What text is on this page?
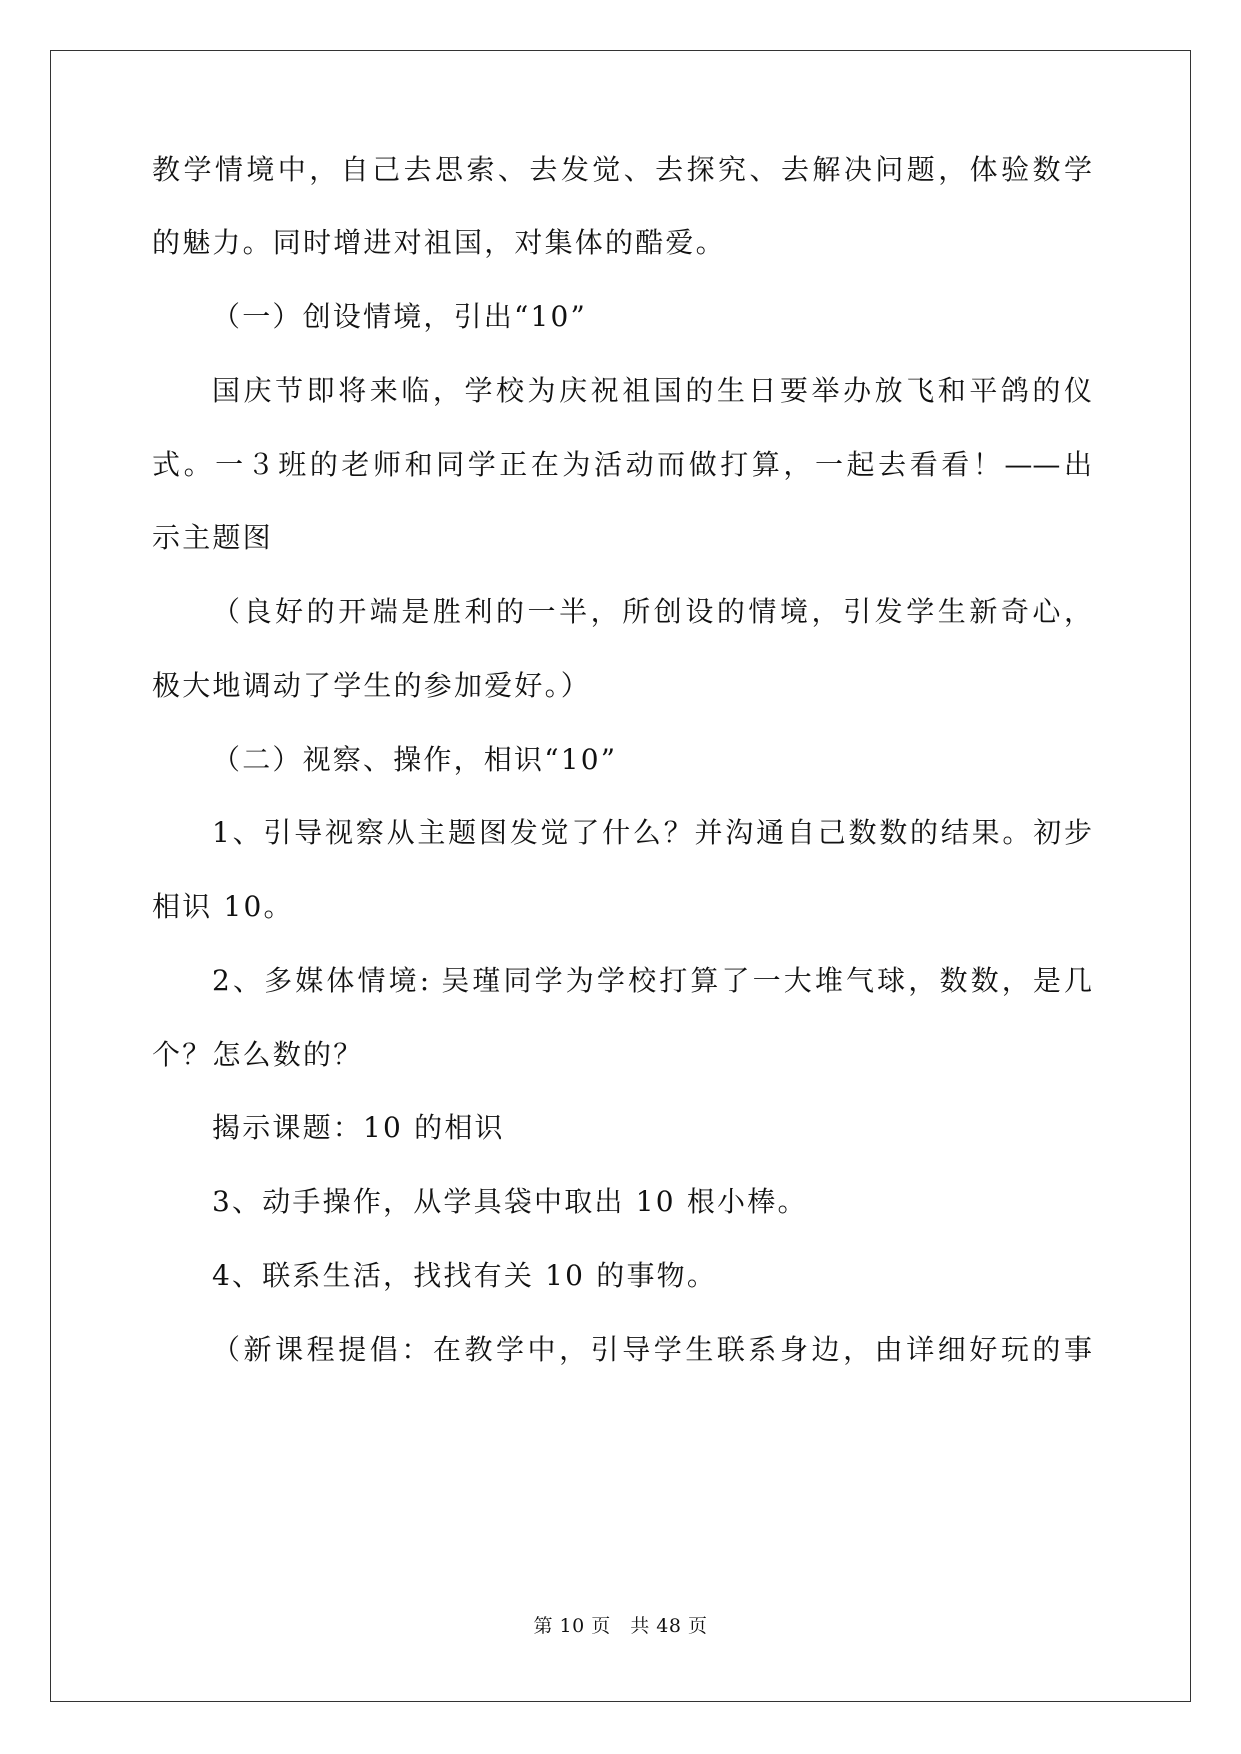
教学情境中，自己去思索、去发觉、去探究、去解决问题，体验数学
的魅力。同时增进对祖国，对集体的酷爱。
（一）创设情境，引出“10”
国庆节即将来临，学校为庆祝祖国的生日要举办放飞和平鸽的仪
式。一３班的老师和同学正在为活动而做打算，一起去看看！——出
示主题图
（良好的开端是胜利的一半，所创设的情境，引发学生新奇心，
极大地调动了学生的参加爱好。）
（二）视察、操作，相识“10”
1、引导视察从主题图发觉了什么？并沟通自己数数的结果。初步
相识 10。
2、多媒体情境: 吴瑾同学为学校打算了一大堆气球，数数，是几
个？怎么数的？
揭示课题：10 的相识
3、动手操作，从学具袋中取出 10 根小棒。
4、联系生活，找找有关 10 的事物。
（新课程提倡：在教学中，引导学生联系身边，由详细好玩的事
第 10 页　共 48 页
